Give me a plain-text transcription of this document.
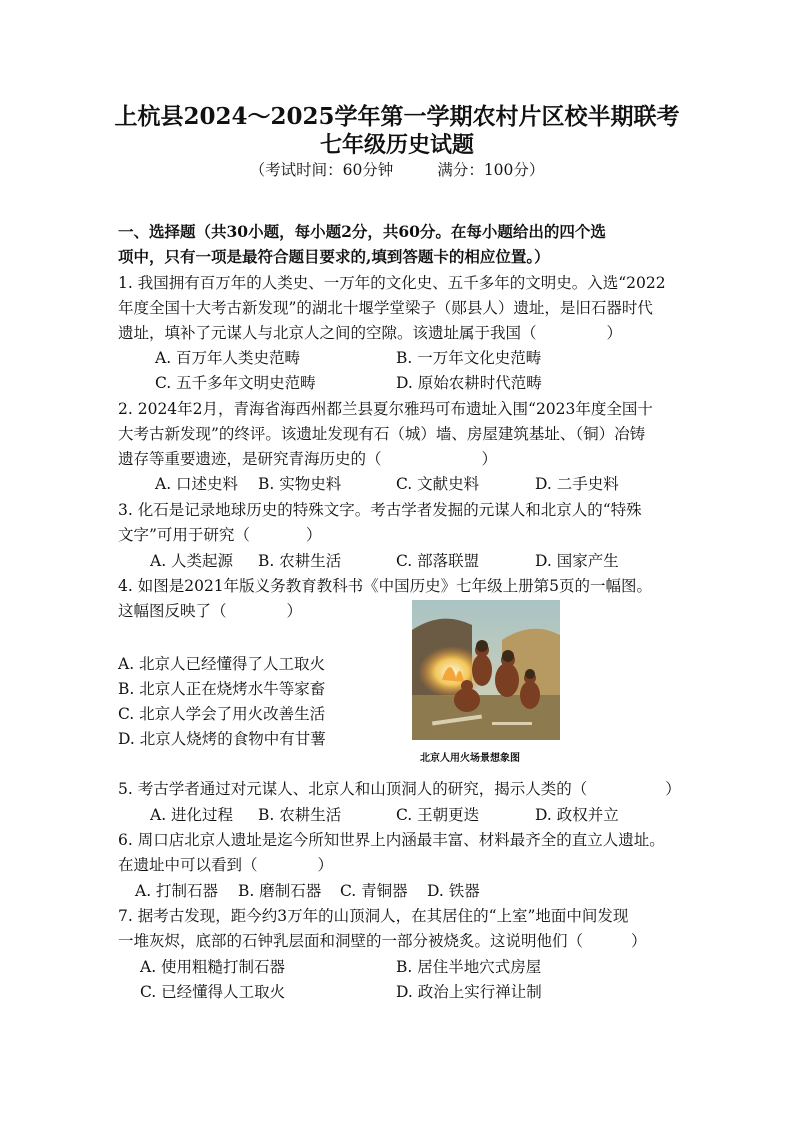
上杭县2024～2025学年第一学期农村片区校半期联考
七年级历史试题
（考试时间：60分钟	满分：100分）
一、选择题（共30小题，每小题2分，共60分。在每小题给出的四个选
项中，只有一项是最符合题目要求的,填到答题卡的相应位置。）
1. 我国拥有百万年的人类史、一万年的文化史、五千多年的文明史。入选“2022
年度全国十大考古新发现”的湖北十堰学堂梁子（郧县人）遗址，是旧石器时代
遗址，填补了元谋人与北京人之间的空隙。该遗址属于我国（	）
A. 百万年人类史范畴	B. 一万年文化史范畴
C. 五千多年文明史范畴	D. 原始农耕时代范畴
2. 2024年2月，青海省海西州都兰县夏尔雅玛可布遗址入围“2023年度全国十
大考古新发现”的终评。该遗址发现有石（城）墙、房屋建筑基址、（铜）冶铸
遗存等重要遗迹，是研究青海历史的（	）
A. 口述史料 B. 实物史料	C. 文献史料	D. 二手史料
3. 化石是记录地球历史的特殊文字。考古学者发掘的元谋人和北京人的“特殊
文字”可用于研究（	）
A. 人类起源 B. 农耕生活	C. 部落联盟	D. 国家产生
4. 如图是2021年版义务教育教科书《中国历史》七年级上册第5页的一幅图。
这幅图反映了（	）
A. 北京人已经懂得了人工取火
B. 北京人正在烧烤水牛等家畜
C. 北京人学会了用火改善生活
D. 北京人烧烤的食物中有甘薯
北京人用火场景想象图
5. 考古学者通过对元谋人、北京人和山顶洞人的研究，揭示人类的（	）
A. 进化过程 B. 农耕生活	C. 王朝更迭	D. 政权并立
6. 周口店北京人遗址是迄今所知世界上内涵最丰富、材料最齐全的直立人遗址。
在遗址中可以看到（	）
A. 打制石器 B. 磨制石器 C. 青铜器 D. 铁器
7. 据考古发现，距今约3万年的山顶洞人，在其居住的“上室”地面中间发现
一堆灰烬，底部的石钟乳层面和洞壁的一部分被烧炙。这说明他们（	）
A. 使用粗糙打制石器	B. 居住半地穴式房屋
C. 已经懂得人工取火	D. 政治上实行禅让制
